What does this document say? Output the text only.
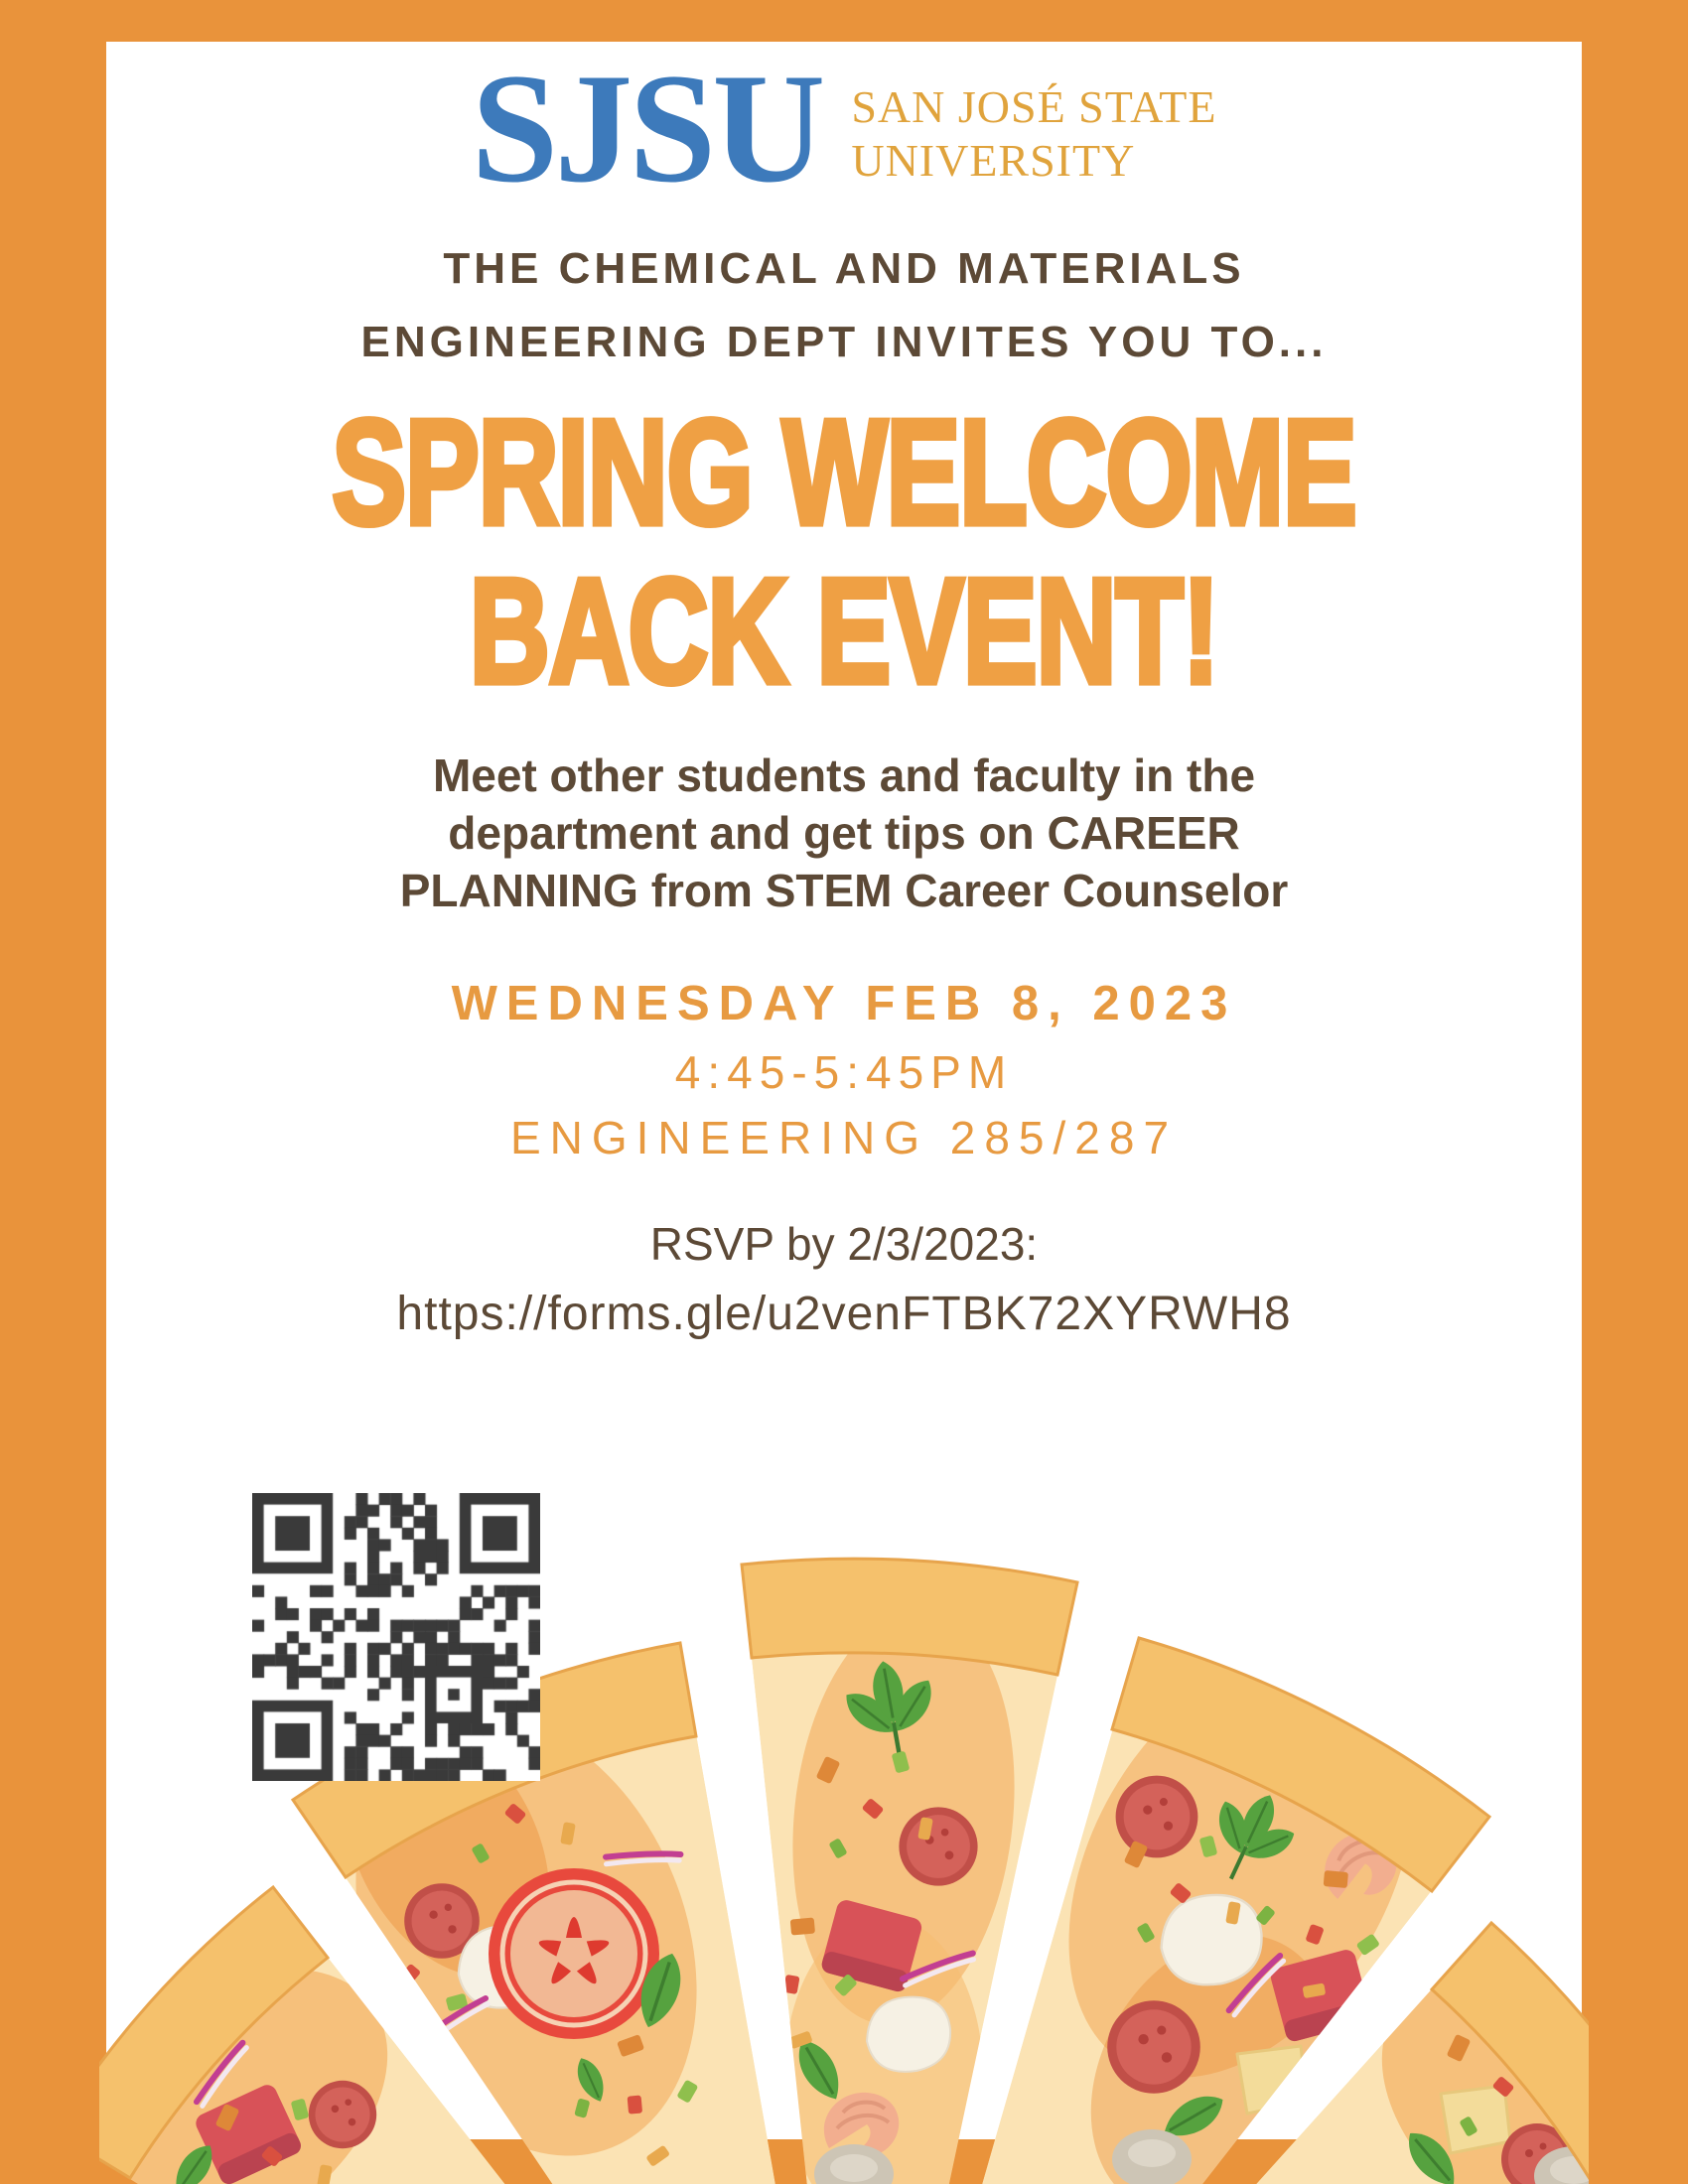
SJSU SAN JOSÉ STATE
UNIVERSITY
THE CHEMICAL AND MATERIALS
ENGINEERING DEPT INVITES YOU TO...
SPRING WELCOME
BACK EVENT!
Meet other students and faculty in the
department and get tips on CAREER
PLANNING from STEM Career Counselor
WEDNESDAY FEB 8, 2023
4:45-5:45PM
ENGINEERING 285/287
RSVP by 2/3/2023:
https://forms.gle/u2venFTBK72XYRWH8
